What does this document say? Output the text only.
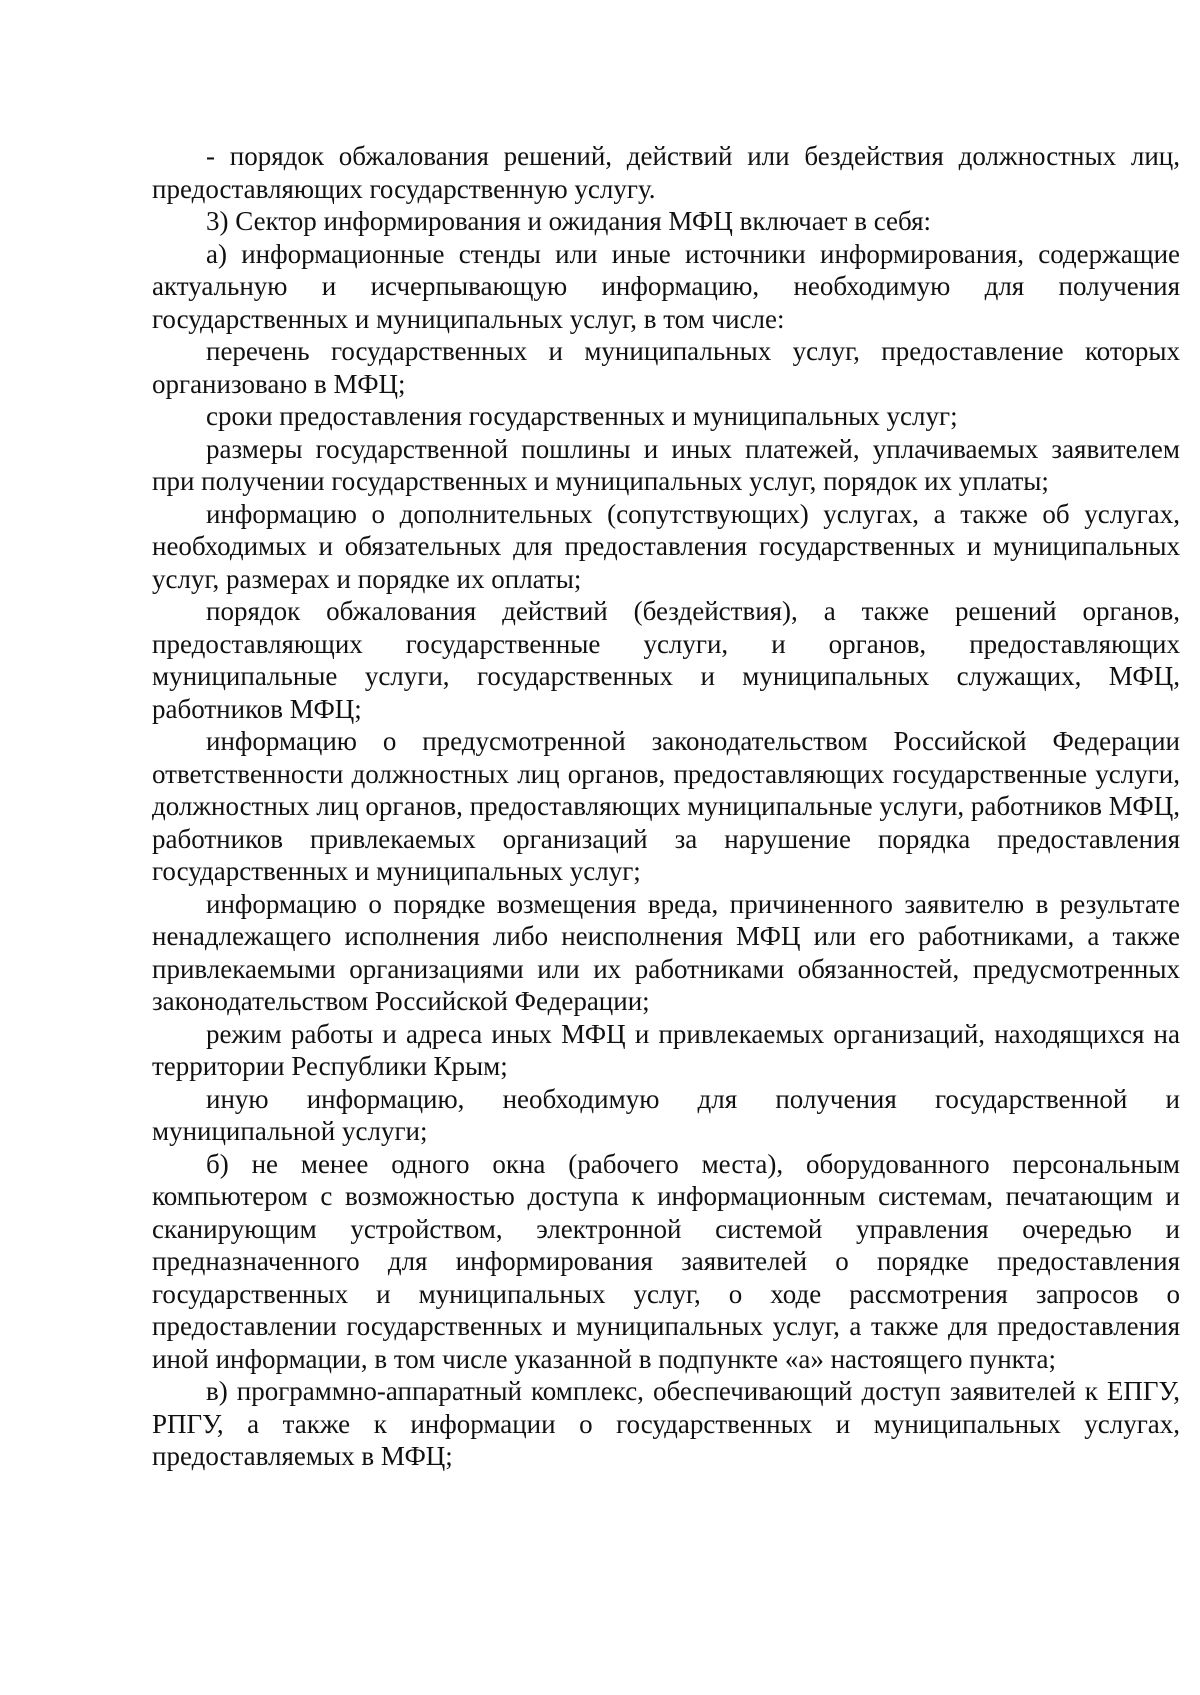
- порядок обжалования решений, действий или бездействия должностных лиц, предоставляющих государственную услугу.

3) Сектор информирования и ожидания МФЦ включает в себя:

а) информационные стенды или иные источники информирования, содержащие актуальную и исчерпывающую информацию, необходимую для получения государственных и муниципальных услуг, в том числе:

перечень государственных и муниципальных услуг, предоставление которых организовано в МФЦ;

сроки предоставления государственных и муниципальных услуг;

размеры государственной пошлины и иных платежей, уплачиваемых заявителем при получении государственных и муниципальных услуг, порядок их уплаты;

информацию о дополнительных (сопутствующих) услугах, а также об услугах, необходимых и обязательных для предоставления государственных и муниципальных услуг, размерах и порядке их оплаты;

порядок обжалования действий (бездействия), а также решений органов, предоставляющих государственные услуги, и органов, предоставляющих муниципальные услуги, государственных и муниципальных служащих, МФЦ, работников МФЦ;

информацию о предусмотренной законодательством Российской Федерации ответственности должностных лиц органов, предоставляющих государственные услуги, должностных лиц органов, предоставляющих муниципальные услуги, работников МФЦ, работников привлекаемых организаций за нарушение порядка предоставления государственных и муниципальных услуг;

информацию о порядке возмещения вреда, причиненного заявителю в результате ненадлежащего исполнения либо неисполнения МФЦ или его работниками, а также привлекаемыми организациями или их работниками обязанностей, предусмотренных законодательством Российской Федерации;

режим работы и адреса иных МФЦ и привлекаемых организаций, находящихся на территории Республики Крым;

иную информацию, необходимую для получения государственной и муниципальной услуги;

б) не менее одного окна (рабочего места), оборудованного персональным компьютером с возможностью доступа к информационным системам, печатающим и сканирующим устройством, электронной системой управления очередью и предназначенного для информирования заявителей о порядке предоставления государственных и муниципальных услуг, о ходе рассмотрения запросов о предоставлении государственных и муниципальных услуг, а также для предоставления иной информации, в том числе указанной в подпункте «а» настоящего пункта;

в) программно-аппаратный комплекс, обеспечивающий доступ заявителей к ЕПГУ, РПГУ, а также к информации о государственных и муниципальных услугах, предоставляемых в МФЦ;
